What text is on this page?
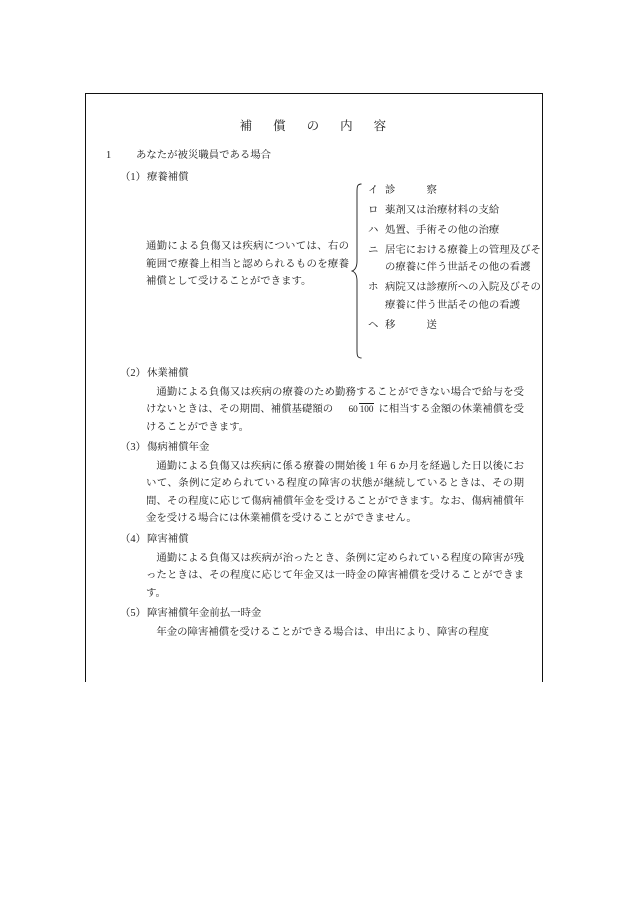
補　償　の　内　容
1	あなたが被災職員である場合
（1） 療養補償
通勤による負傷又は疾病については、右の範囲で療養上相当と認められるものを療養補償として受けることができます。
イ 診　　　察
ロ 薬剤又は治療材料の支給
ハ 処置、手術その他の治療
ニ 居宅における療養上の管理及びその療養に伴う世話その他の看護
ホ 病院又は診療所への入院及びその療養に伴う世話その他の看護
ヘ 移　　　送
（2） 休業補償
通勤による負傷又は疾病の療養のため勤務することができない場合で給与を受けないときは、その期間、補償基礎額の 60 100 に相当する金額の休業補償を受けることができます。
（3） 傷病補償年金
通勤による負傷又は疾病に係る療養の開始後 1 年 6 か月を経過した日以後において、条例に定められている程度の障害の状態が継続しているときは、その期間、その程度に応じて傷病補償年金を受けることができます。なお、傷病補償年金を受ける場合には休業補償を受けることができません。
（4） 障害補償
通勤による負傷又は疾病が治ったとき、条例に定められている程度の障害が残ったときは、その程度に応じて年金又は一時金の障害補償を受けることができます。
（5） 障害補償年金前払一時金
年金の障害補償を受けることができる場合は、申出により、障害の程度
